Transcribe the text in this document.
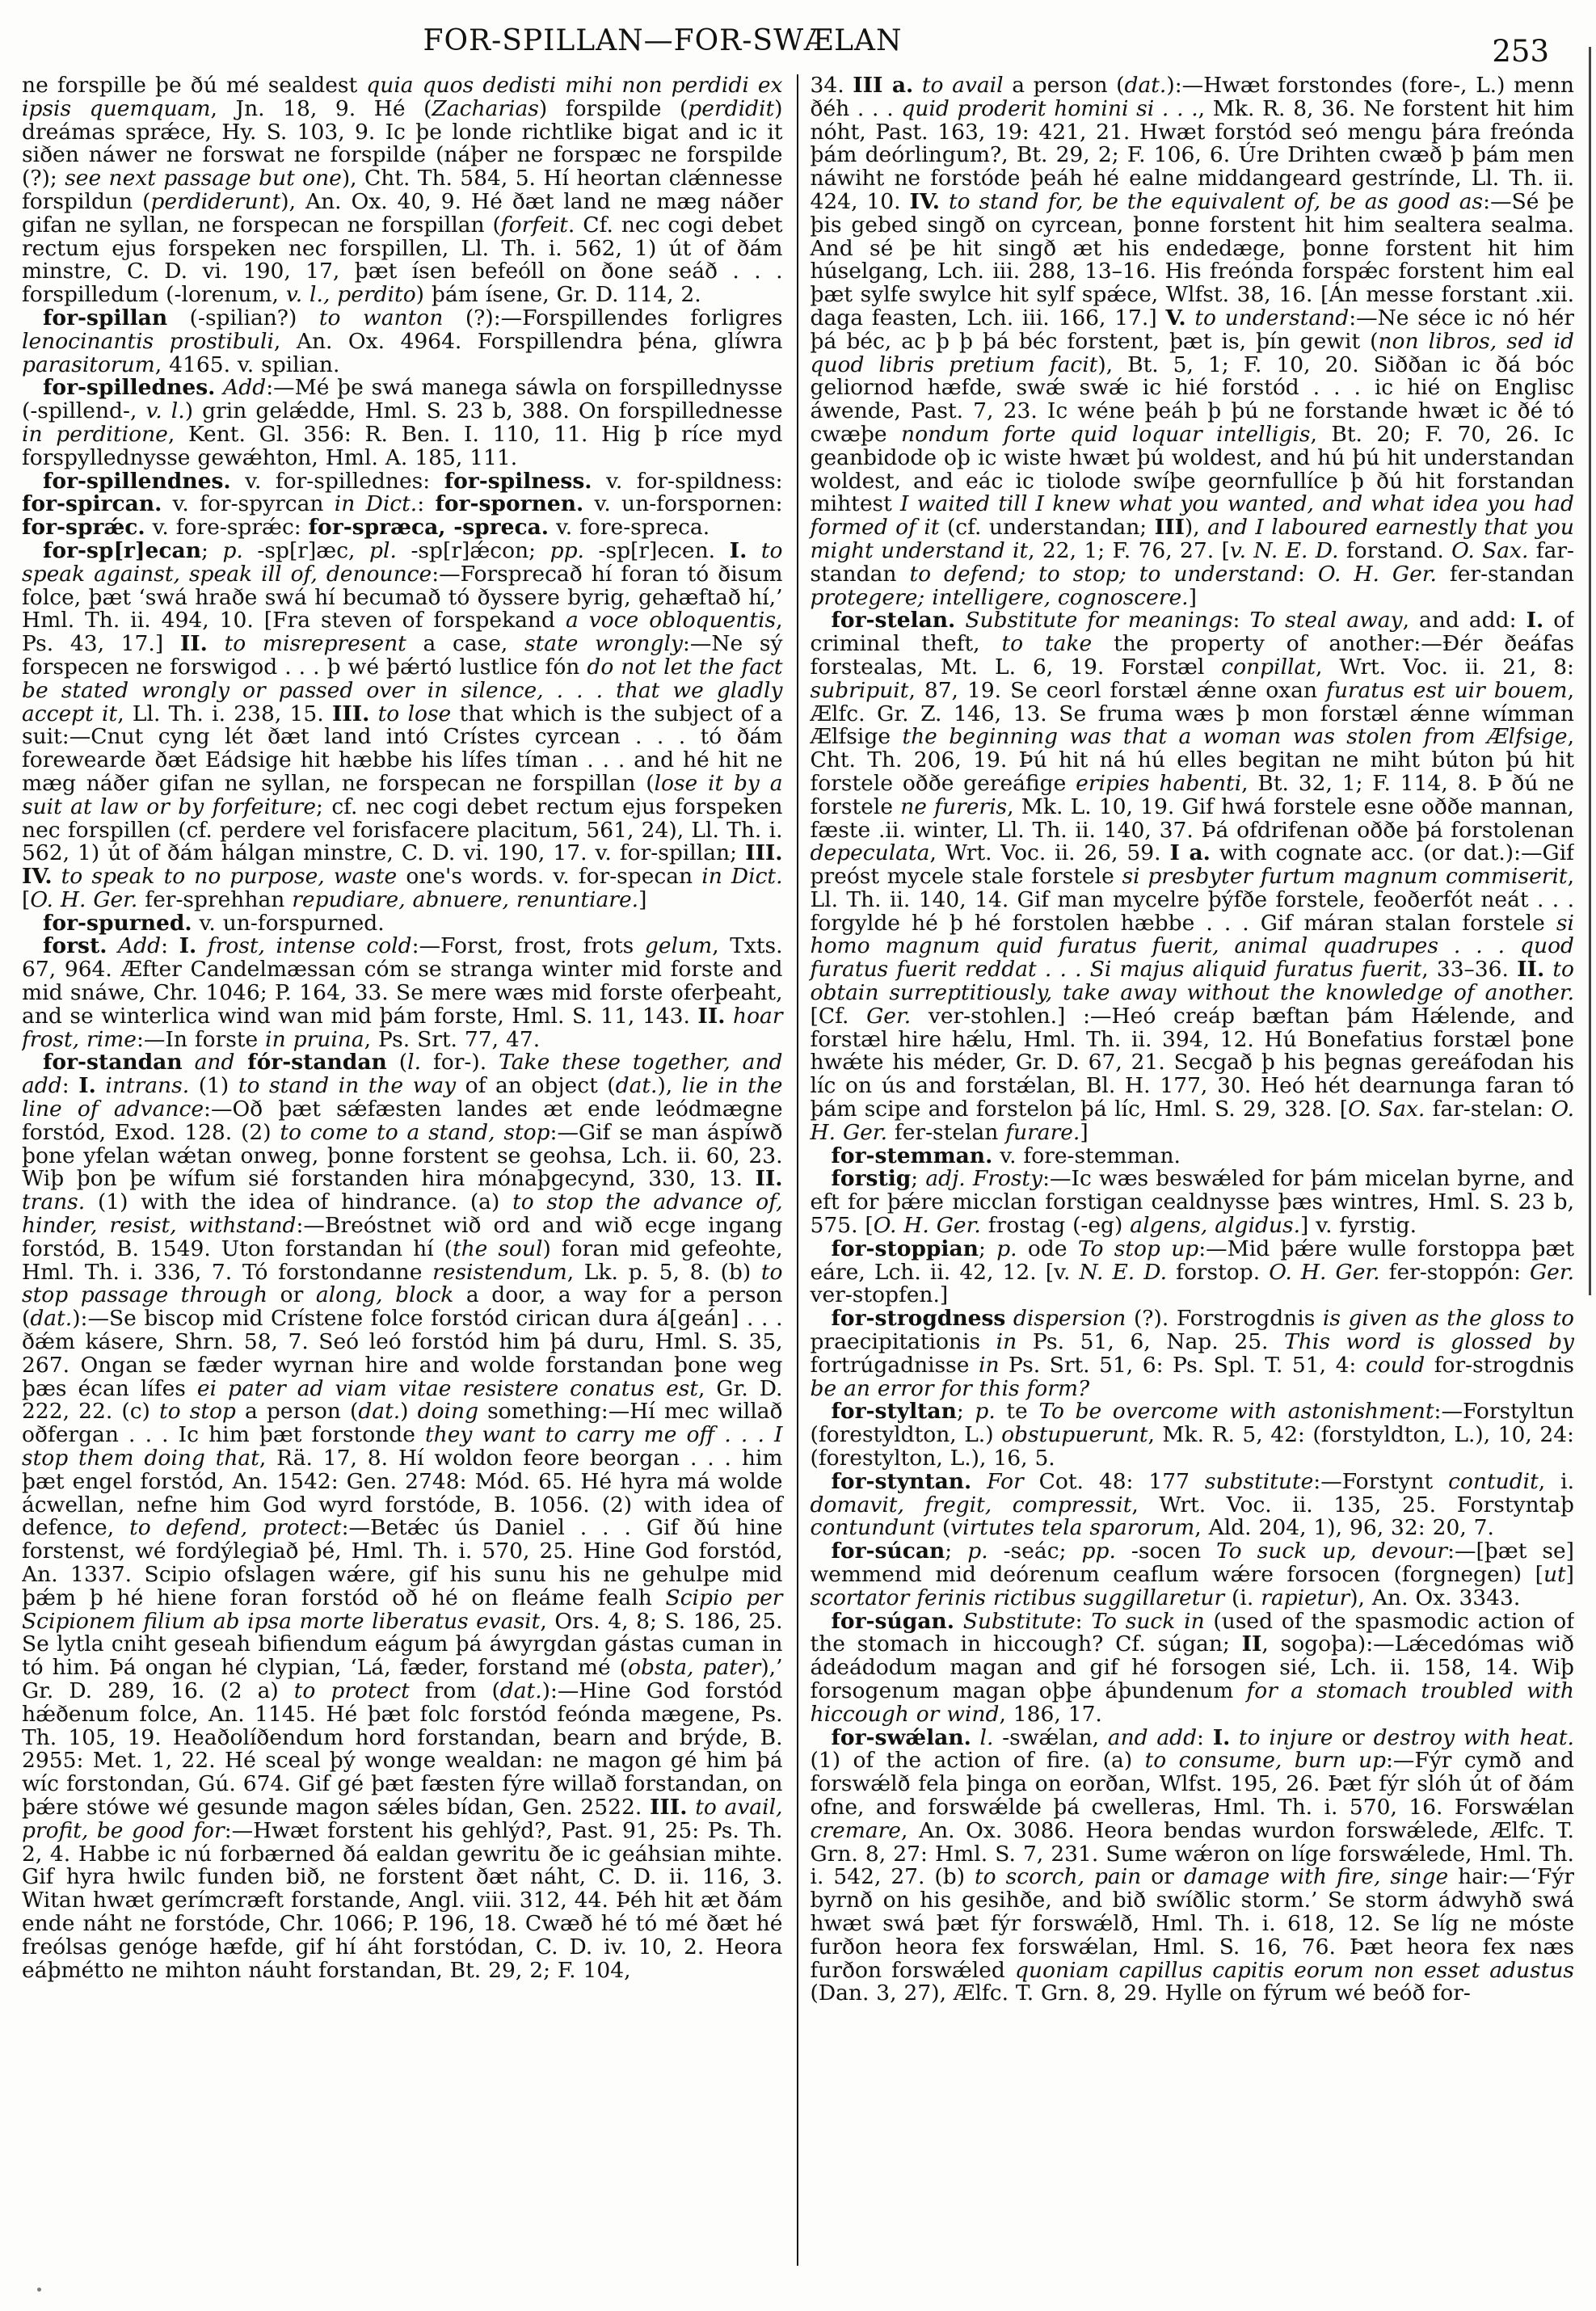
FOR-SPILLAN—FOR-SWÆLAN	253

ne forspille þe ðú mé sealdest quia quos dedisti mihi non perdidi ex ipsis quemquam, Jn. 18, 9. Hé (Zacharias) forspilde (perdidit) dreámas sprǽce, Hy. S. 103, 9. Ic þe londe richtlike bigat and ic it siðen náwer ne forswat ne forspilde (náþer ne forspæc ne forspilde (?); see next passage but one), Cht. Th. 584, 5. Hí heortan clǽnnesse forspildun (perdiderunt), An. Ox. 40, 9. Hé ðæt land ne mæg náðer gifan ne syllan, ne forspecan ne forspillan (forfeit. Cf. nec cogi debet rectum ejus forspeken nec forspillen, Ll. Th. i. 562, 1) út of ðám minstre, C. D. vi. 190, 17, þæt ísen befeóll on ðone seáð . . . forspilledum (-lorenum, v. l., perdito) þám ísene, Gr. D. 114, 2.

for-spillan (-spilian?) to wanton (?):—Forspillendes forligres lenocinantis prostibuli, An. Ox. 4964. Forspillendra þéna, glíwra parasitorum, 4165. v. spilian.

for-spillednes. Add:—Mé þe swá manega sáwla on forspillednysse (-spillend-, v. l.) grin gelǽdde, Hml. S. 23 b, 388. On forspillednesse in perditione, Kent. Gl. 356: R. Ben. I. 110, 11. Hig þ ríce myd forspyllednysse gewǽhton, Hml. A. 185, 111.

for-spillendnes. v. for-spillednes: for-spilness. v. for-spildness: for-spircan. v. for-spyrcan in Dict.: for-spornen. v. un-forspornen: for-sprǽc. v. fore-sprǽc: for-spræca, -spreca. v. fore-spreca.

for-sp[r]ecan; p. -sp[r]æc, pl. -sp[r]ǽcon; pp. -sp[r]ecen. I. to speak against, speak ill of, denounce:—Forsprecað hí foran tó ðisum folce, þæt ‘swá hraðe swá hí becumað tó ðyssere byrig, gehæftað hí,’ Hml. Th. ii. 494, 10. [Fra steven of forspekand a voce obloquentis, Ps. 43, 17.] II. to misrepresent a case, state wrongly:—Ne sý forspecen ne forswigod . . . þ wé þǽrtó lustlice fón do not let the fact be stated wrongly or passed over in silence, . . . that we gladly accept it, Ll. Th. i. 238, 15. III. to lose that which is the subject of a suit:—Cnut cyng lét ðæt land intó Crístes cyrcean . . . tó ðám forewearde ðæt Eádsige hit hæbbe his lífes tíman . . . and hé hit ne mæg náðer gifan ne syllan, ne forspecan ne forspillan (lose it by a suit at law or by forfeiture; cf. nec cogi debet rectum ejus forspeken nec forspillen (cf. perdere vel forisfacere placitum, 561, 24), Ll. Th. i. 562, 1) út of ðám hálgan minstre, C. D. vi. 190, 17. v. for-spillan; III. IV. to speak to no purpose, waste one's words. v. for-specan in Dict. [O. H. Ger. fer-sprehhan repudiare, abnuere, renuntiare.]

for-spurned. v. un-forspurned.

forst. Add: I. frost, intense cold:—Forst, frost, frots gelum, Txts. 67, 964. Æfter Candelmæssan cóm se stranga winter mid forste and mid snáwe, Chr. 1046; P. 164, 33. Se mere wæs mid forste oferþeaht, and se winterlica wind wan mid þám forste, Hml. S. 11, 143. II. hoar frost, rime:—In forste in pruina, Ps. Srt. 77, 47.

for-standan and fór-standan (l. for-). Take these together, and add: I. intrans. (1) to stand in the way of an object (dat.), lie in the line of advance:—Oð þæt sǽfæsten landes æt ende leódmægne forstód, Exod. 128. (2) to come to a stand, stop:—Gif se man áspíwð þone yfelan wǽtan onweg, þonne forstent se geohsa, Lch. ii. 60, 23. Wiþ þon þe wífum sié forstanden hira mónaþgecynd, 330, 13. II. trans. (1) with the idea of hindrance. (a) to stop the advance of, hinder, resist, withstand:—Breóstnet wið ord and wið ecge ingang forstód, B. 1549. Uton forstandan hí (the soul) foran mid gefeohte, Hml. Th. i. 336, 7. Tó forstondanne resistendum, Lk. p. 5, 8. (b) to stop passage through or along, block a door, a way for a person (dat.):—Se biscop mid Crístene folce forstód cirican dura á[geán] . . . ðǽm kásere, Shrn. 58, 7. Seó leó forstód him þá duru, Hml. S. 35, 267. Ongan se fæder wyrnan hire and wolde forstandan þone weg þæs écan lífes ei pater ad viam vitae resistere conatus est, Gr. D. 222, 22. (c) to stop a person (dat.) doing something:—Hí mec willað oðfergan . . . Ic him þæt forstonde they want to carry me off . . . I stop them doing that, Rä. 17, 8. Hí woldon feore beorgan . . . him þæt engel forstód, An. 1542: Gen. 2748: Mód. 65. Hé hyra má wolde ácwellan, nefne him God wyrd forstóde, B. 1056. (2) with idea of defence, to defend, protect:—Betǽc ús Daniel . . . Gif ðú hine forstenst, wé fordýlegiað þé, Hml. Th. i. 570, 25. Hine God forstód, An. 1337. Scipio ofslagen wǽre, gif his sunu his ne gehulpe mid þǽm þ hé hiene foran forstód oð hé on fleáme fealh Scipio per Scipionem filium ab ipsa morte liberatus evasit, Ors. 4, 8; S. 186, 25. Se lytla cniht geseah bifiendum eágum þá áwyrgdan gástas cuman in tó him. Þá ongan hé clypian, ‘Lá, fæder, forstand mé (obsta, pater),’ Gr. D. 289, 16. (2 a) to protect from (dat.):—Hine God forstód hǽðenum folce, An. 1145. Hé þæt folc forstód feónda mægene, Ps. Th. 105, 19. Heaðolíðendum hord forstandan, bearn and brýde, B. 2955: Met. 1, 22. Hé sceal þý wonge wealdan: ne magon gé him þá wíc forstondan, Gú. 674. Gif gé þæt fæsten fýre willað forstandan, on þǽre stówe wé gesunde magon sǽles bídan, Gen. 2522. III. to avail, profit, be good for:—Hwæt forstent his gehlýd?, Past. 91, 25: Ps. Th. 2, 4. Habbe ic nú forbærned ðá ealdan gewritu ðe ic geáhsian mihte. Gif hyra hwilc funden bið, ne forstent ðæt náht, C. D. ii. 116, 3. Witan hwæt gerímcræft forstande, Angl. viii. 312, 44. Þéh hit æt ðám ende náht ne forstóde, Chr. 1066; P. 196, 18. Cwæð hé tó mé ðæt hé freólsas genóge hæfde, gif hí áht forstódan, C. D. iv. 10, 2. Heora eáþmétto ne mihton náuht forstandan, Bt. 29, 2; F. 104,

34. III a. to avail a person (dat.):—Hwæt forstondes (fore-, L.) menn ðéh . . . quid proderit homini si . . ., Mk. R. 8, 36. Ne forstent hit him nóht, Past. 163, 19: 421, 21. Hwæt forstód seó mengu þára freónda þám deórlingum?, Bt. 29, 2; F. 106, 6. Úre Drihten cwæð þ þám men náwiht ne forstóde þeáh hé ealne middangeard gestrínde, Ll. Th. ii. 424, 10. IV. to stand for, be the equivalent of, be as good as:—Sé þe þis gebed singð on cyrcean, þonne forstent hit him sealtera sealma. And sé þe hit singð æt his endedæge, þonne forstent hit him húselgang, Lch. iii. 288, 13–16. His freónda forspǽc forstent him eal þæt sylfe swylce hit sylf spǽce, Wlfst. 38, 16. [Án messe forstant .xii. daga feasten, Lch. iii. 166, 17.] V. to understand:—Ne séce ic nó hér þá béc, ac þ þ þá béc forstent, þæt is, þín gewit (non libros, sed id quod libris pretium facit), Bt. 5, 1; F. 10, 20. Siððan ic ðá bóc geliornod hæfde, swǽ swǽ ic hié forstód . . . ic hié on Englisc áwende, Past. 7, 23. Ic wéne þeáh þ þú ne forstande hwæt ic ðé tó cwæþe nondum forte quid loquar intelligis, Bt. 20; F. 70, 26. Ic geanbidode oþ ic wiste hwæt þú woldest, and hú þú hit understandan woldest, and eác ic tiolode swíþe geornfullíce þ ðú hit forstandan mihtest I waited till I knew what you wanted, and what idea you had formed of it (cf. understandan; III), and I laboured earnestly that you might understand it, 22, 1; F. 76, 27. [v. N. E. D. forstand. O. Sax. far-standan to defend; to stop; to understand: O. H. Ger. fer-standan protegere; intelligere, cognoscere.]

for-stelan. Substitute for meanings: To steal away, and add: I. of criminal theft, to take the property of another:—Ðér ðeáfas forstealas, Mt. L. 6, 19. Forstæl conpillat, Wrt. Voc. ii. 21, 8: subripuit, 87, 19. Se ceorl forstæl ǽnne oxan furatus est uir bouem, Ælfc. Gr. Z. 146, 13. Se fruma wæs þ mon forstæl ǽnne wímman Ælfsige the beginning was that a woman was stolen from Ælfsige, Cht. Th. 206, 19. Þú hit ná hú elles begitan ne miht búton þú hit forstele oððe gereáfige eripies habenti, Bt. 32, 1; F. 114, 8. Þ ðú ne forstele ne fureris, Mk. L. 10, 19. Gif hwá forstele esne oððe mannan, fæste .ii. winter, Ll. Th. ii. 140, 37. Þá ofdrifenan oððe þá forstolenan depeculata, Wrt. Voc. ii. 26, 59. I a. with cognate acc. (or dat.):—Gif preóst mycele stale forstele si presbyter furtum magnum commiserit, Ll. Th. ii. 140, 14. Gif man mycelre þýfðe forstele, feoðerfót neát . . . forgylde hé þ hé forstolen hæbbe . . . Gif máran stalan forstele si homo magnum quid furatus fuerit, animal quadrupes . . . quod furatus fuerit reddat . . . Si majus aliquid furatus fuerit, 33–36. II. to obtain surreptitiously, take away without the knowledge of another. [Cf. Ger. ver-stohlen.] :—Heó creáp bæftan þám Hǽlende, and forstæl hire hǽlu, Hml. Th. ii. 394, 12. Hú Bonefatius forstæl þone hwǽte his méder, Gr. D. 67, 21. Secgað þ his þegnas gereáfodan his líc on ús and forstǽlan, Bl. H. 177, 30. Heó hét dearnunga faran tó þám scipe and forstelon þá líc, Hml. S. 29, 328. [O. Sax. far-stelan: O. H. Ger. fer-stelan furare.]

for-stemman. v. fore-stemman.

forstig; adj. Frosty:—Ic wæs beswǽled for þám micelan byrne, and eft for þǽre micclan forstigan cealdnysse þæs wintres, Hml. S. 23 b, 575. [O. H. Ger. frostag (-eg) algens, algidus.] v. fyrstig.

for-stoppian; p. ode To stop up:—Mid þǽre wulle forstoppa þæt eáre, Lch. ii. 42, 12. [v. N. E. D. forstop. O. H. Ger. fer-stoppón: Ger. ver-stopfen.]

for-strogdness dispersion (?). Forstrogdnis is given as the gloss to praecipitationis in Ps. 51, 6, Nap. 25. This word is glossed by fortrúgadnisse in Ps. Srt. 51, 6: Ps. Spl. T. 51, 4: could for-strogdnis be an error for this form?

for-styltan; p. te To be overcome with astonishment:—Forstyltun (forestyldton, L.) obstupuerunt, Mk. R. 5, 42: (forstyldton, L.), 10, 24: (forestylton, L.), 16, 5.

for-styntan. For Cot. 48: 177 substitute:—Forstynt contudit, i. domavit, fregit, compressit, Wrt. Voc. ii. 135, 25. Forstyntaþ contundunt (virtutes tela sparorum, Ald. 204, 1), 96, 32: 20, 7.

for-súcan; p. -seác; pp. -socen To suck up, devour:—[þæt se] wemmend mid deórenum ceaflum wǽre forsocen (forgnegen) [ut] scortator ferinis rictibus suggillaretur (i. rapietur), An. Ox. 3343.

for-súgan. Substitute: To suck in (used of the spasmodic action of the stomach in hiccough? Cf. súgan; II, sogoþa):—Lǽcedómas wið ádeádodum magan and gif hé forsogen sié, Lch. ii. 158, 14. Wiþ forsogenum magan oþþe áþundenum for a stomach troubled with hiccough or wind, 186, 17.

for-swǽlan. l. -swǽlan, and add: I. to injure or destroy with heat. (1) of the action of fire. (a) to consume, burn up:—Fýr cymð and forswǽlð fela þinga on eorðan, Wlfst. 195, 26. Þæt fýr slóh út of ðám ofne, and forswǽlde þá cwelleras, Hml. Th. i. 570, 16. Forswǽlan cremare, An. Ox. 3086. Heora bendas wurdon forswǽlede, Ælfc. T. Grn. 8, 27: Hml. S. 7, 231. Sume wǽron on líge forswǽlede, Hml. Th. i. 542, 27. (b) to scorch, pain or damage with fire, singe hair:—‘Fýr byrnð on his gesihðe, and bið swíðlic storm.’ Se storm ádwyhð swá hwæt swá þæt fýr forswǽlð, Hml. Th. i. 618, 12. Se líg ne móste furðon heora fex forswǽlan, Hml. S. 16, 76. Þæt heora fex næs furðon forswǽled quoniam capillus capitis eorum non esset adustus (Dan. 3, 27), Ælfc. T. Grn. 8, 29. Hylle on fýrum wé beóð for-
